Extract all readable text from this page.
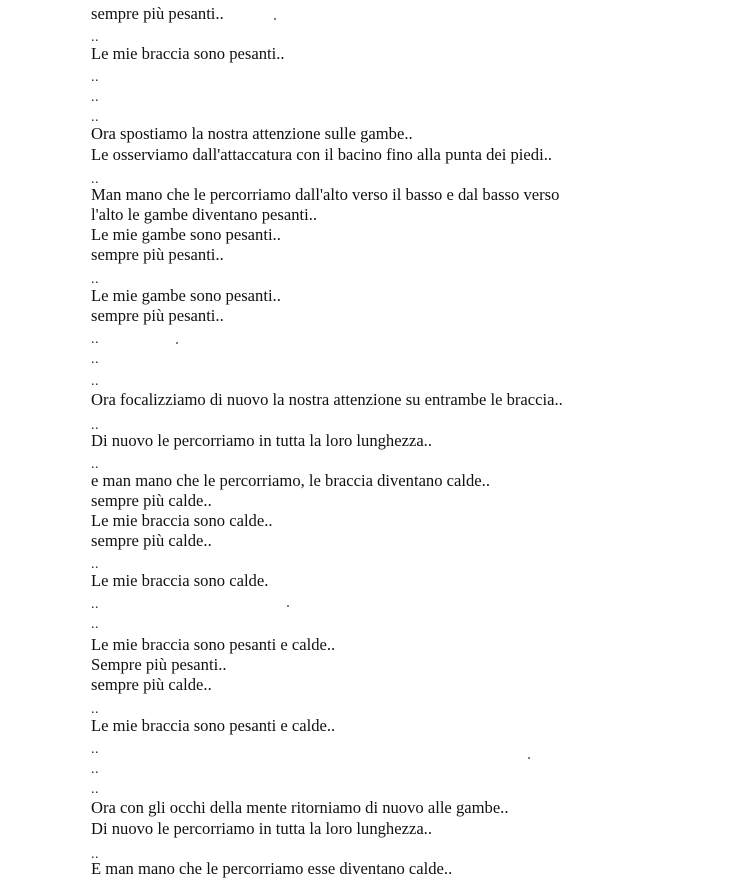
sempre più pesanti..
..
Le mie braccia sono pesanti..
..
..
..
Ora spostiamo la nostra attenzione sulle gambe..
Le osserviamo dall'attaccatura con il bacino fino alla punta dei piedi..
..
Man mano che le percorriamo dall'alto verso il basso e dal basso verso
l'alto le gambe diventano pesanti..
Le mie gambe sono pesanti..
sempre più pesanti..
..
Le mie gambe sono pesanti..
sempre più pesanti..
..
..
..
Ora focalizziamo di nuovo la nostra attenzione su entrambe le braccia..
..
Di nuovo le percorriamo in tutta la loro lunghezza..
..
e man mano che le percorriamo, le braccia diventano calde..
sempre più calde..
Le mie braccia sono calde..
sempre più calde..
..
Le mie braccia sono calde.
..
..
Le mie braccia sono pesanti e calde..
Sempre più pesanti..
sempre più calde..
..
Le mie braccia sono pesanti e calde..
..
..
..
Ora con gli occhi della mente ritorniamo di nuovo alle gambe..
Di nuovo le percorriamo in tutta la loro lunghezza..
..
E man mano che le percorriamo esse diventano calde..
